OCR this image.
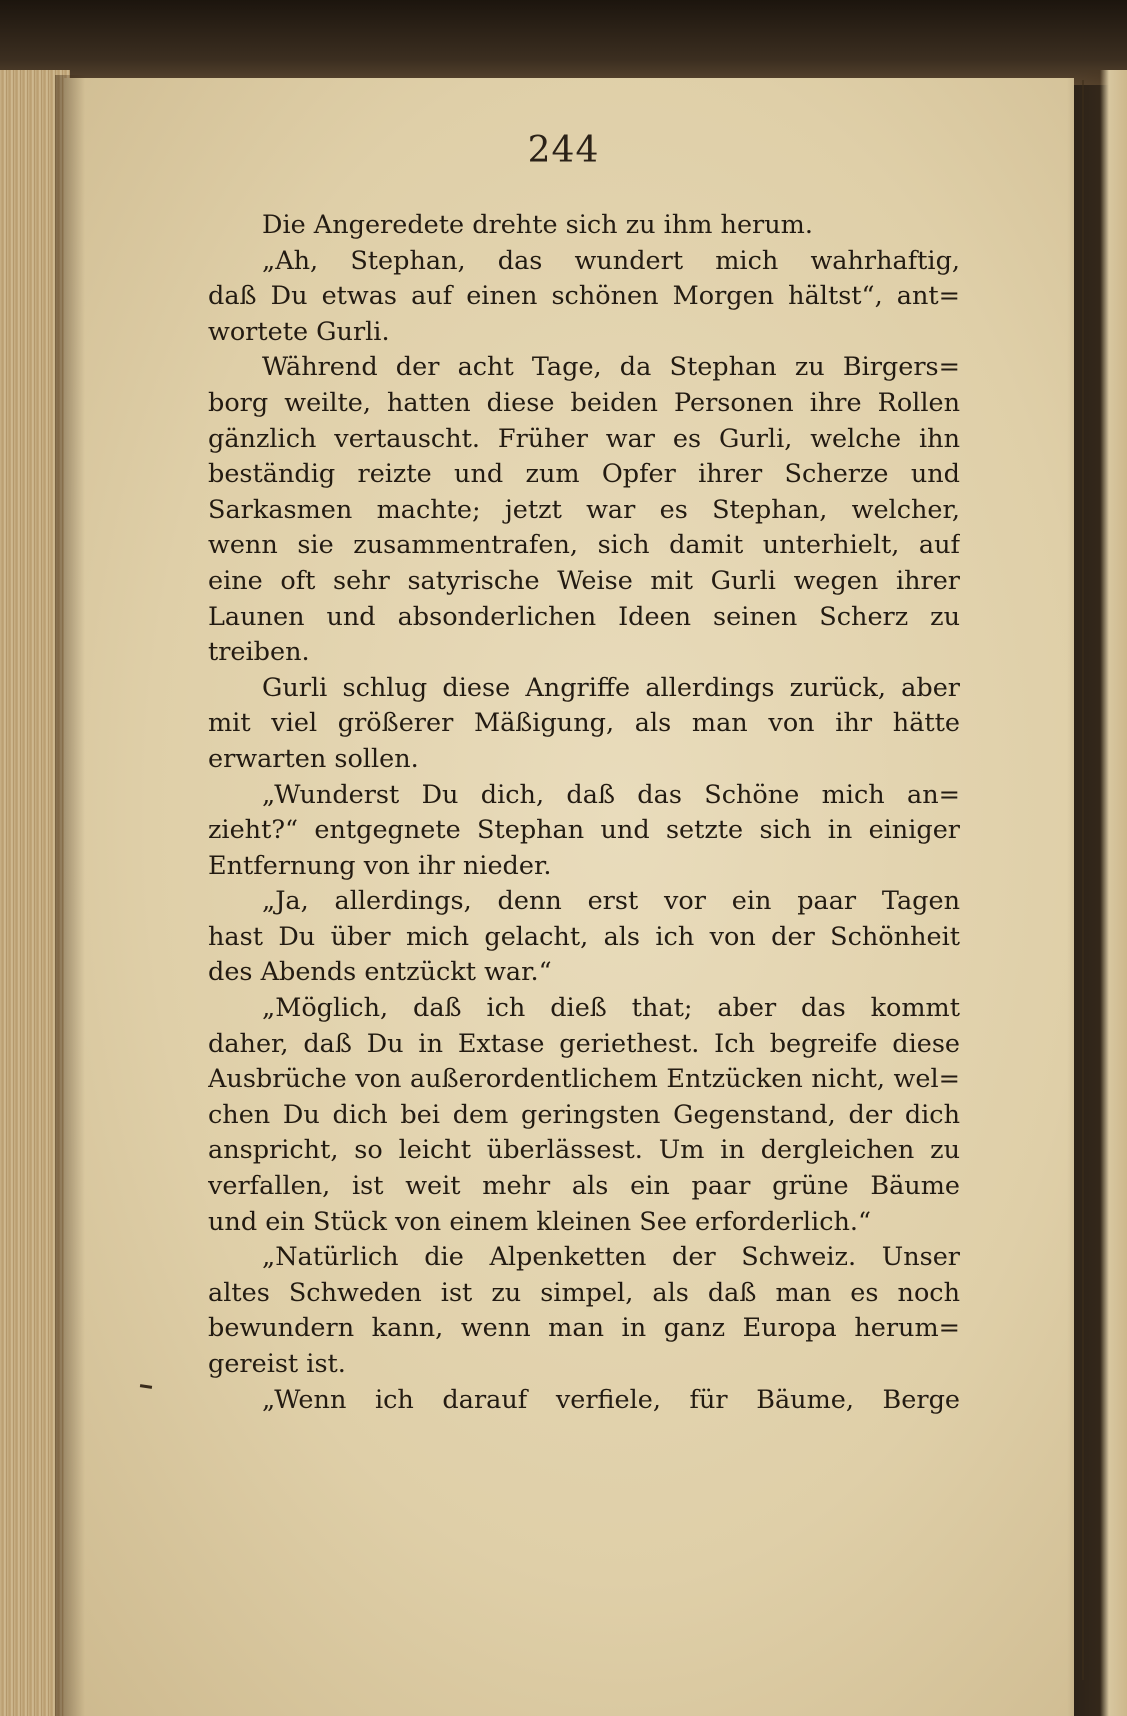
244
Die Angeredete drehte sich zu ihm herum.
„Ah, Stephan, das wundert mich wahrhaftig,
daß Du etwas auf einen schönen Morgen hältst“, ant=
wortete Gurli.
Während der acht Tage, da Stephan zu Birgers=
borg weilte, hatten diese beiden Personen ihre Rollen
gänzlich vertauscht. Früher war es Gurli, welche ihn
beständig reizte und zum Opfer ihrer Scherze und
Sarkasmen machte; jetzt war es Stephan, welcher,
wenn sie zusammentrafen, sich damit unterhielt, auf
eine oft sehr satyrische Weise mit Gurli wegen ihrer
Launen und absonderlichen Ideen seinen Scherz zu
treiben.
Gurli schlug diese Angriffe allerdings zurück, aber
mit viel größerer Mäßigung, als man von ihr hätte
erwarten sollen.
„Wunderst Du dich, daß das Schöne mich an=
zieht?“ entgegnete Stephan und setzte sich in einiger
Entfernung von ihr nieder.
„Ja, allerdings, denn erst vor ein paar Tagen
hast Du über mich gelacht, als ich von der Schönheit
des Abends entzückt war.“
„Möglich, daß ich dieß that; aber das kommt
daher, daß Du in Extase geriethest. Ich begreife diese
Ausbrüche von außerordentlichem Entzücken nicht, wel=
chen Du dich bei dem geringsten Gegenstand, der dich
anspricht, so leicht überlässest. Um in dergleichen zu
verfallen, ist weit mehr als ein paar grüne Bäume
und ein Stück von einem kleinen See erforderlich.“
„Natürlich die Alpenketten der Schweiz. Unser
altes Schweden ist zu simpel, als daß man es noch
bewundern kann, wenn man in ganz Europa herum=
gereist ist.
„Wenn ich darauf verfiele, für Bäume, Berge
